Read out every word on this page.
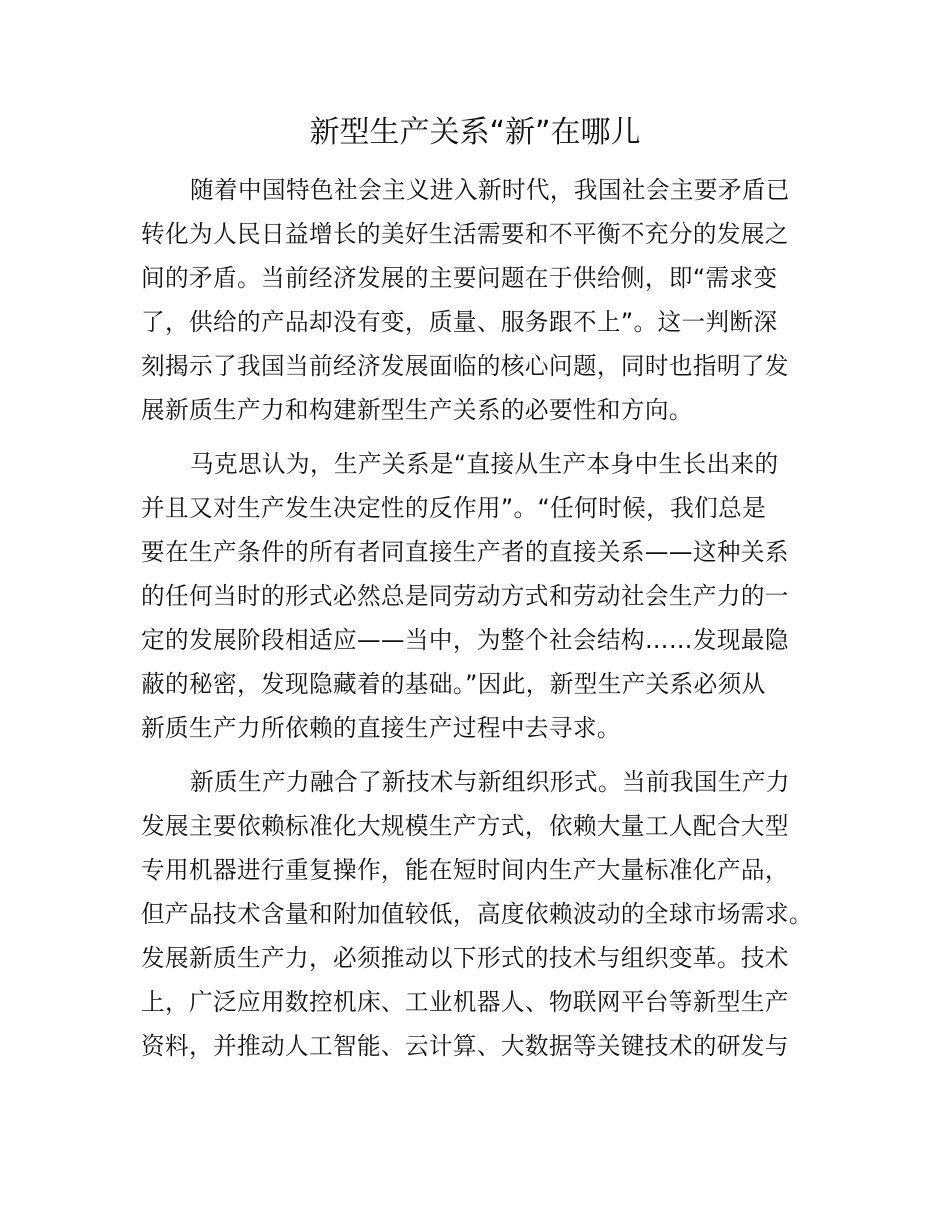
新型生产关系“新”在哪儿
随着中国特色社会主义进入新时代，我国社会主要矛盾已
转化为人民日益增长的美好生活需要和不平衡不充分的发展之
间的矛盾。当前经济发展的主要问题在于供给侧，即“需求变
了，供给的产品却没有变，质量、服务跟不上”。这一判断深
刻揭示了我国当前经济发展面临的核心问题，同时也指明了发
展新质生产力和构建新型生产关系的必要性和方向。
马克思认为，生产关系是“直接从生产本身中生长出来的
并且又对生产发生决定性的反作用”。“任何时候，我们总是
要在生产条件的所有者同直接生产者的直接关系——这种关系
的任何当时的形式必然总是同劳动方式和劳动社会生产力的一
定的发展阶段相适应——当中，为整个社会结构……发现最隐
蔽的秘密，发现隐藏着的基础。”因此，新型生产关系必须从
新质生产力所依赖的直接生产过程中去寻求。
新质生产力融合了新技术与新组织形式。当前我国生产力
发展主要依赖标准化大规模生产方式，依赖大量工人配合大型
专用机器进行重复操作，能在短时间内生产大量标准化产品，
但产品技术含量和附加值较低，高度依赖波动的全球市场需求。
发展新质生产力，必须推动以下形式的技术与组织变革。技术
上，广泛应用数控机床、工业机器人、物联网平台等新型生产
资料，并推动人工智能、云计算、大数据等关键技术的研发与
